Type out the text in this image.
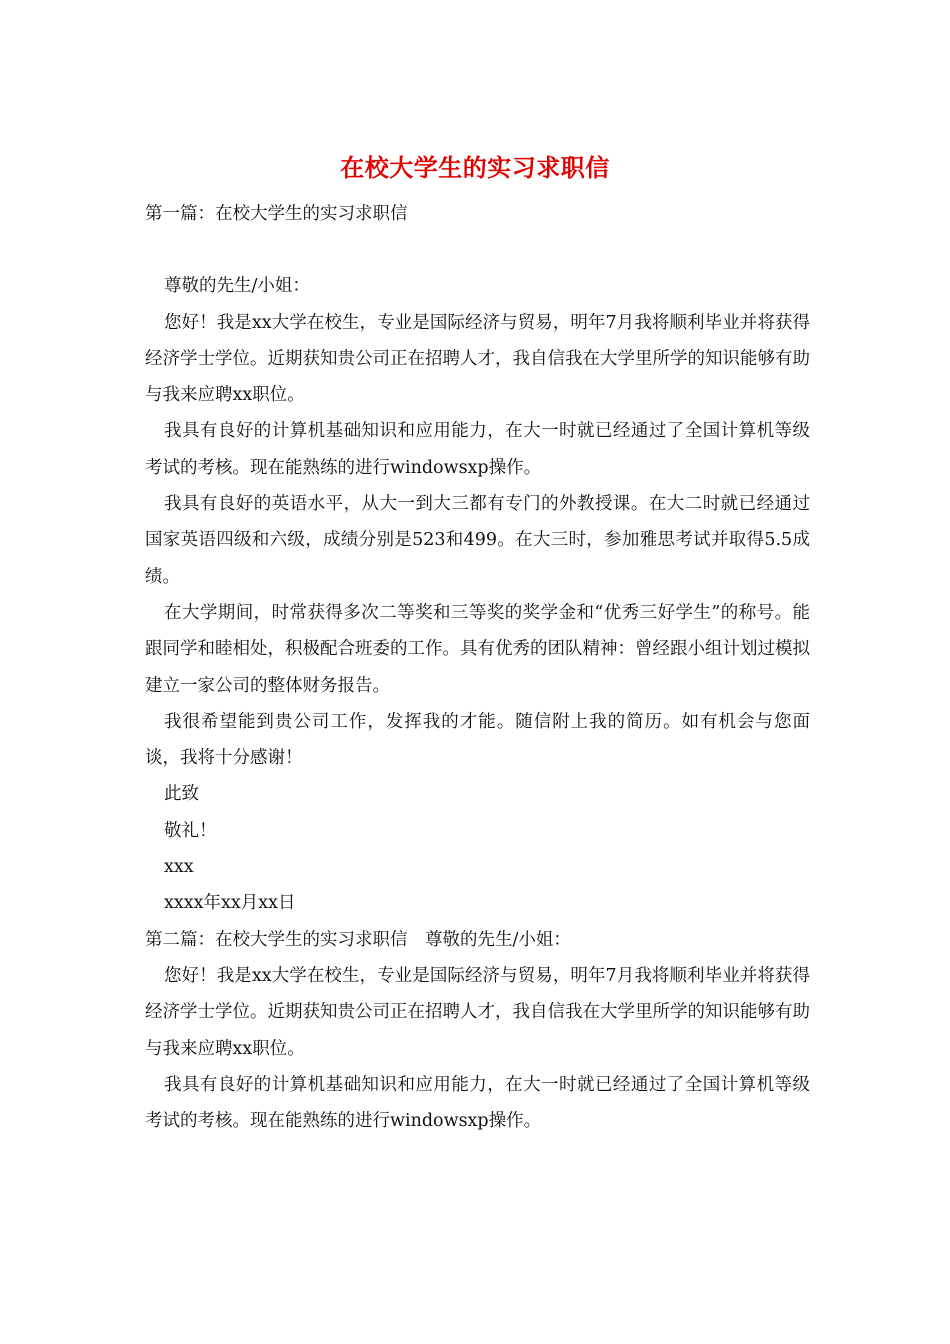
在校大学生的实习求职信

第一篇：在校大学生的实习求职信

尊敬的先生/小姐：

您好！我是xx大学在校生，专业是国际经济与贸易，明年7月我将顺利毕业并将获得经济学士学位。近期获知贵公司正在招聘人才，我自信我在大学里所学的知识能够有助与我来应聘xx职位。

我具有良好的计算机基础知识和应用能力，在大一时就已经通过了全国计算机等级考试的考核。现在能熟练的进行windowsxp操作。

我具有良好的英语水平，从大一到大三都有专门的外教授课。在大二时就已经通过国家英语四级和六级，成绩分别是523和499。在大三时，参加雅思考试并取得5.5成绩。

在大学期间，时常获得多次二等奖和三等奖的奖学金和“优秀三好学生”的称号。能跟同学和睦相处，积极配合班委的工作。具有优秀的团队精神：曾经跟小组计划过模拟建立一家公司的整体财务报告。

我很希望能到贵公司工作，发挥我的才能。随信附上我的简历。如有机会与您面谈，我将十分感谢！

此致

敬礼！

xxx

xxxx年xx月xx日

第二篇：在校大学生的实习求职信　尊敬的先生/小姐：

您好！我是xx大学在校生，专业是国际经济与贸易，明年7月我将顺利毕业并将获得经济学士学位。近期获知贵公司正在招聘人才，我自信我在大学里所学的知识能够有助与我来应聘xx职位。

我具有良好的计算机基础知识和应用能力，在大一时就已经通过了全国计算机等级考试的考核。现在能熟练的进行windowsxp操作。
